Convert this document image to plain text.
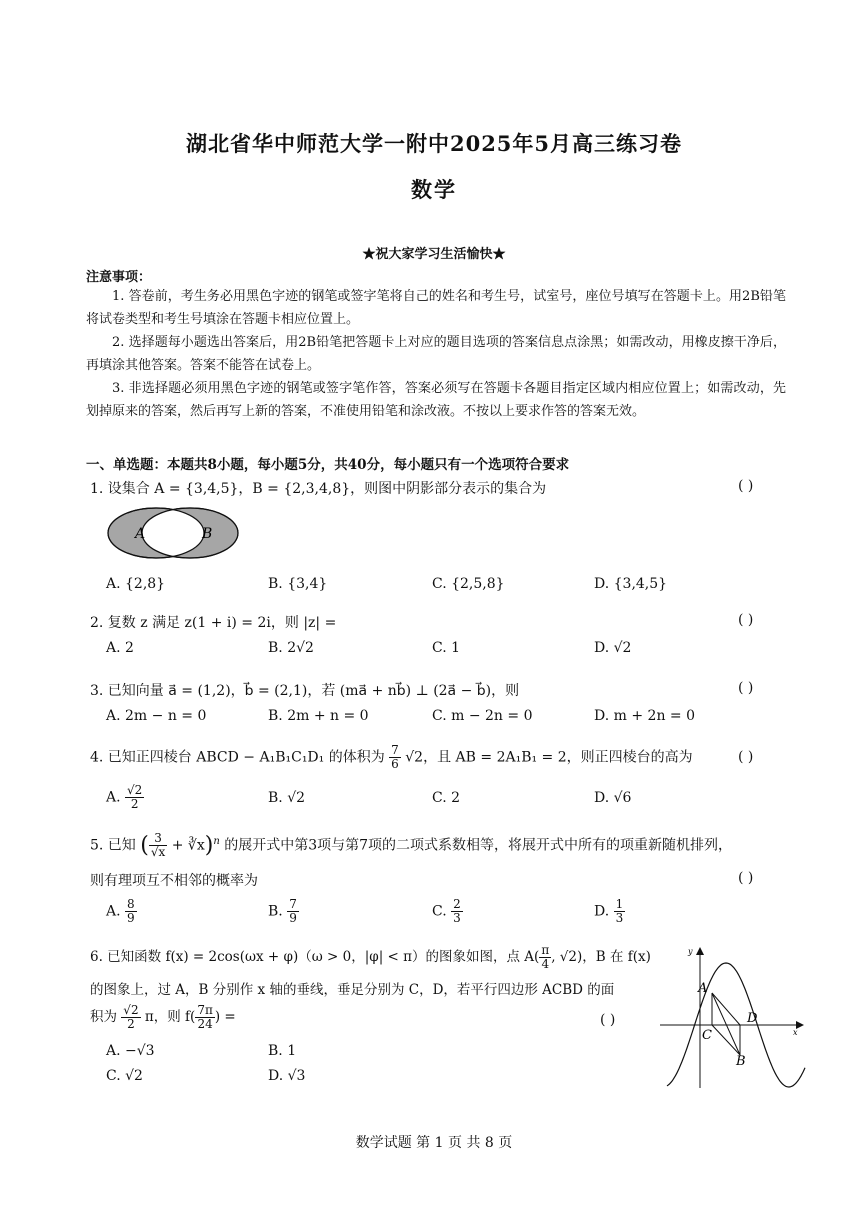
湖北省华中师范大学一附中2025年5月高三练习卷
数学
★祝大家学习生活愉快★
注意事项：
1. 答卷前，考生务必用黑色字迹的钢笔或签字笔将自己的姓名和考生号，试室号，座位号填写在答题卡上。用2B铅笔将试卷类型和考生号填涂在答题卡相应位置上。
2. 选择题每小题选出答案后，用2B铅笔把答题卡上对应的题目选项的答案信息点涂黑；如需改动，用橡皮擦干净后，再填涂其他答案。答案不能答在试卷上。
3. 非选择题必须用黑色字迹的钢笔或签字笔作答，答案必须写在答题卡各题目指定区域内相应位置上；如需改动，先划掉原来的答案，然后再写上新的答案，不准使用铅笔和涂改液。不按以上要求作答的答案无效。
一、单选题：本题共8小题，每小题5分，共40分，每小题只有一个选项符合要求
1. 设集合 A = {3,4,5}，B = {2,3,4,8}，则图中阴影部分表示的集合为	( )
A	B
A. {2,8}	B. {3,4}	C. {2,5,8}	D. {3,4,5}
2. 复数 z 满足 z(1 + i) = 2i，则 |z| =	( )
A. 2	B. 2√2	C. 1	D. √2
3. 已知向量 a⃗ = (1,2)，b⃗ = (2,1)，若 (ma⃗ + nb⃗) ⊥ (2a⃗ − b⃗)，则	( )
A. 2m − n = 0	B. 2m + n = 0	C. m − 2n = 0	D. m + 2n = 0
4. 已知正四棱台 ABCD − A₁B₁C₁D₁ 的体积为 $\frac{7}{6} √2$，且 AB = 2A₁B₁ = 2，则正四棱台的高为	( )
A. $\frac{√2}{2}$	B. √2	C. 2	D. √6
5. 已知 ( $\frac{3}{√x}$ + ∛x)$^n$ 的展开式中第3项与第7项的二项式系数相等，将展开式中所有的项重新随机排列，
则有理项互不相邻的概率为	( )
A. $\frac{8}{9}$	B. $\frac{7}{9}$	C. $\frac{2}{3}$	D. $\frac{1}{3}$
6. 已知函数 f(x) = 2cos(ωx + φ)（ω > 0，|φ| < π）的图象如图，点 $A( \frac{\pi}{4}$ , √2)，B 在 f(x)
的图象上，过 A，B 分别作 x 轴的垂线，垂足分别为 C，D，若平行四边形 ACBD 的面
积为 $\frac{√2}{2}$ π，则 $f( \frac{7\pi}{24}$ ) =	( )
A. −√3	B. 1
C. √2	D. √3
x
y
A
B
C
D
数学试题 第 1 页 共 8 页
